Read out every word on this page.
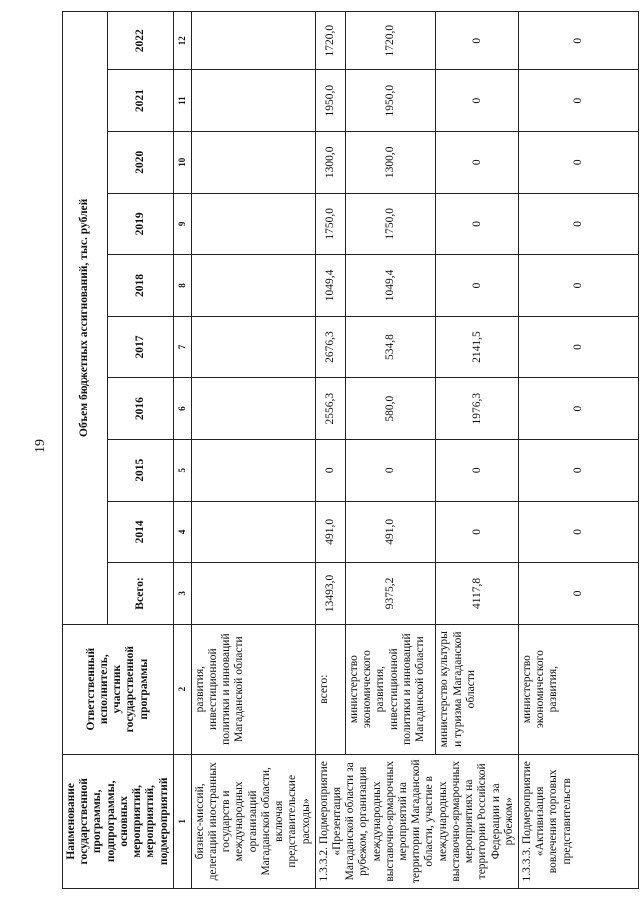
19
Наименование государственной программы, подпрограммы, основных мероприятий, мероприятий, подмероприятий	Ответственный исполнитель, участник государственной программы	Объем бюджетных ассигнований, тыс. рублей									
		Всего:	2014	2015	2016	2017	2018	2019	2020	2021	2022
1	2	3	4	5	6	7	8	9	10	11	12
бизнес-миссий, делегаций иностранных государств и международных организаций Магаданской области, включая представительские расходы»	развития, инвестиционной политики и инноваций Магаданской области										
1.3.3.2. Подмероприятие «Презентация Магаданской области за рубежом, организация международных выставочно-ярмарочных мероприятий на территории Магаданской области, участие в международных выставочно-ярмарочных мероприятиях на территории Российской Федерации и за рубежом»	всего:	13493,0	491,0	0	2556,3	2676,3	1049,4	1750,0	1300,0	1950,0	1720,0
	министерство экономического развития, инвестиционной политики и инноваций Магаданской области	9375,2	491,0	0	580,0	534,8	1049,4	1750,0	1300,0	1950,0	1720,0
	министерство культуры и туризма Магаданской области	4117,8	0	0	1976,3	2141,5	0	0	0	0	0
1.3.3.3. Подмероприятие «Активизация вовлечения торговых представительств	министерство экономического развития,	0	0	0	0	0	0	0	0	0	0
